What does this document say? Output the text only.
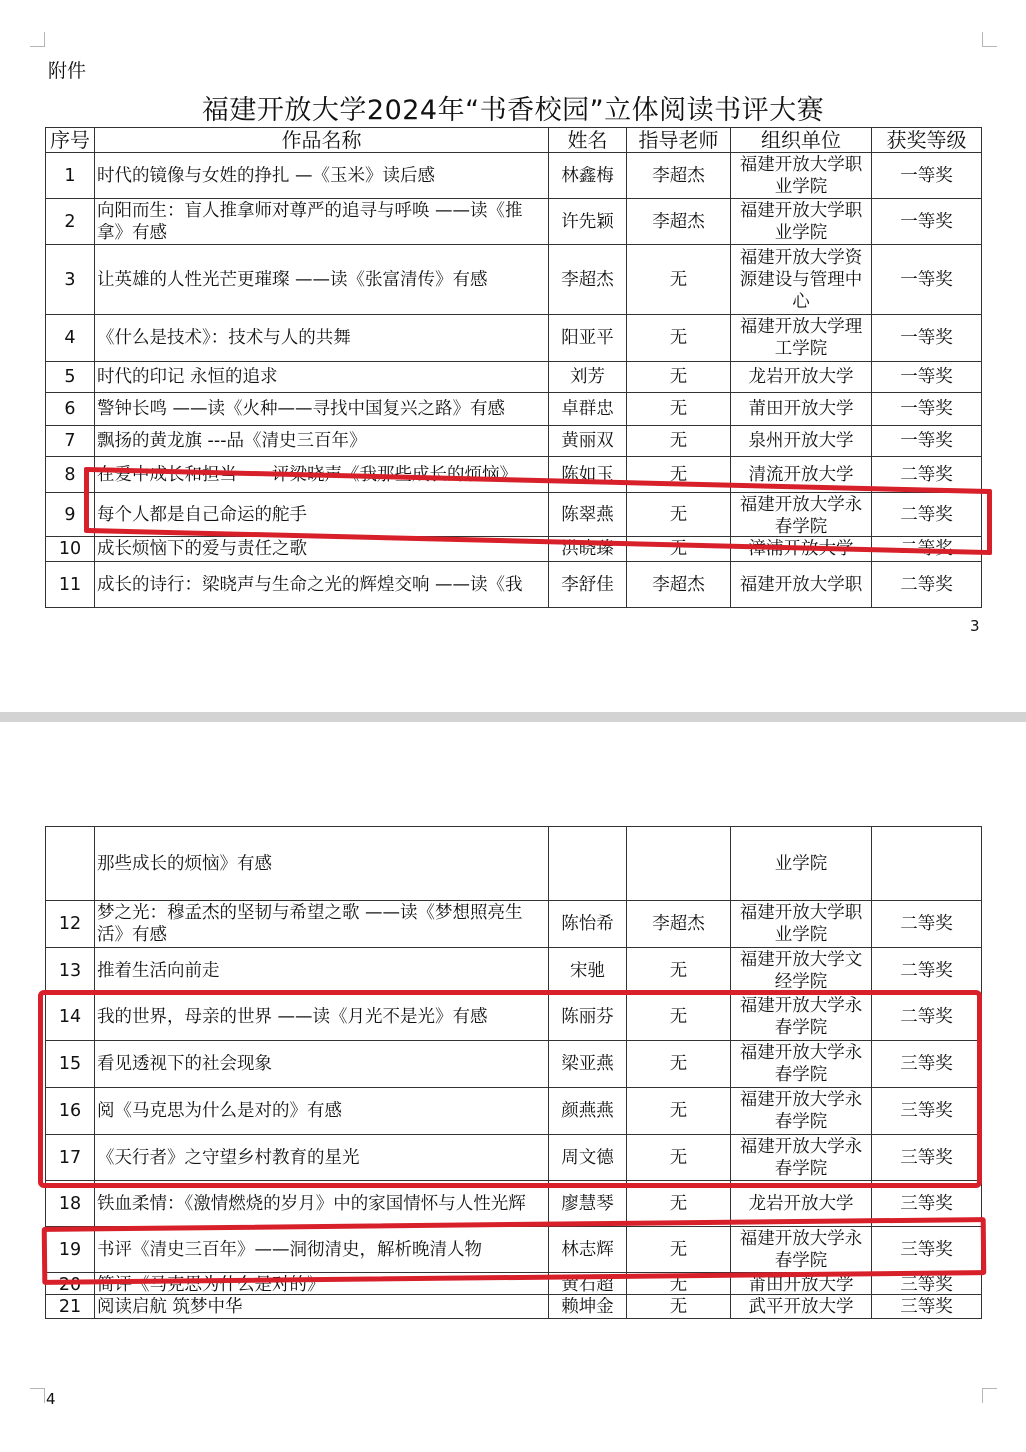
附件
福建开放大学2024年“书香校园”立体阅读书评大赛
序号	作品名称	姓名	指导老师	组织单位	获奖等级

1	时代的镜像与女姓的挣扎 —《玉米》读后感	林鑫梅	李超杰	福建开放大学职业学院	一等奖

2	向阳而生：盲人推拿师对尊严的追寻与呼唤 ——读《推拿》有感	许先颖	李超杰	福建开放大学职业学院	一等奖

3	让英雄的人性光芒更璀璨 ——读《张富清传》有感	李超杰	无	福建开放大学资源建设与管理中心	一等奖

4	《什么是技术》：技术与人的共舞	阳亚平	无	福建开放大学理工学院	一等奖

5	时代的印记 永恒的追求	刘芳	无	龙岩开放大学	一等奖

6	警钟长鸣 ——读《火种——寻找中国复兴之路》有感	卓群忠	无	莆田开放大学	一等奖

7	飘扬的黄龙旗 ---品《清史三百年》	黄丽双	无	泉州开放大学	一等奖

8	在爱中成长和担当——评梁晓声《我那些成长的烦恼》	陈如玉	无	清流开放大学	二等奖

9	每个人都是自己命运的舵手	陈翠燕	无	福建开放大学永春学院	二等奖

10	成长烦恼下的爱与责任之歌	洪晓臻	无	漳浦开放大学	二等奖

11	成长的诗行：梁晓声与生命之光的辉煌交响 ——读《我	李舒佳	李超杰	福建开放大学职	二等奖
3

	那些成长的烦恼》有感			业学院	

12	梦之光：穆孟杰的坚韧与希望之歌 ——读《梦想照亮生活》有感	陈怡希	李超杰	福建开放大学职业学院	二等奖

13	推着生活向前走	宋驰	无	福建开放大学文经学院	二等奖

14	我的世界，母亲的世界 ——读《月光不是光》有感	陈丽芬	无	福建开放大学永春学院	二等奖

15	看见透视下的社会现象	梁亚燕	无	福建开放大学永春学院	三等奖

16	阅《马克思为什么是对的》有感	颜燕燕	无	福建开放大学永春学院	三等奖

17	《天行者》之守望乡村教育的星光	周文德	无	福建开放大学永春学院	三等奖

18	铁血柔情：《激情燃烧的岁月》中的家国情怀与人性光辉	廖慧琴	无	龙岩开放大学	三等奖

19	书评《清史三百年》——洞彻清史，解析晚清人物	林志辉	无	福建开放大学永春学院	三等奖

20	简评《马克思为什么是对的》	黄石超	无	莆田开放大学	三等奖

21	阅读启航 筑梦中华	赖坤金	无	武平开放大学	三等奖
4
